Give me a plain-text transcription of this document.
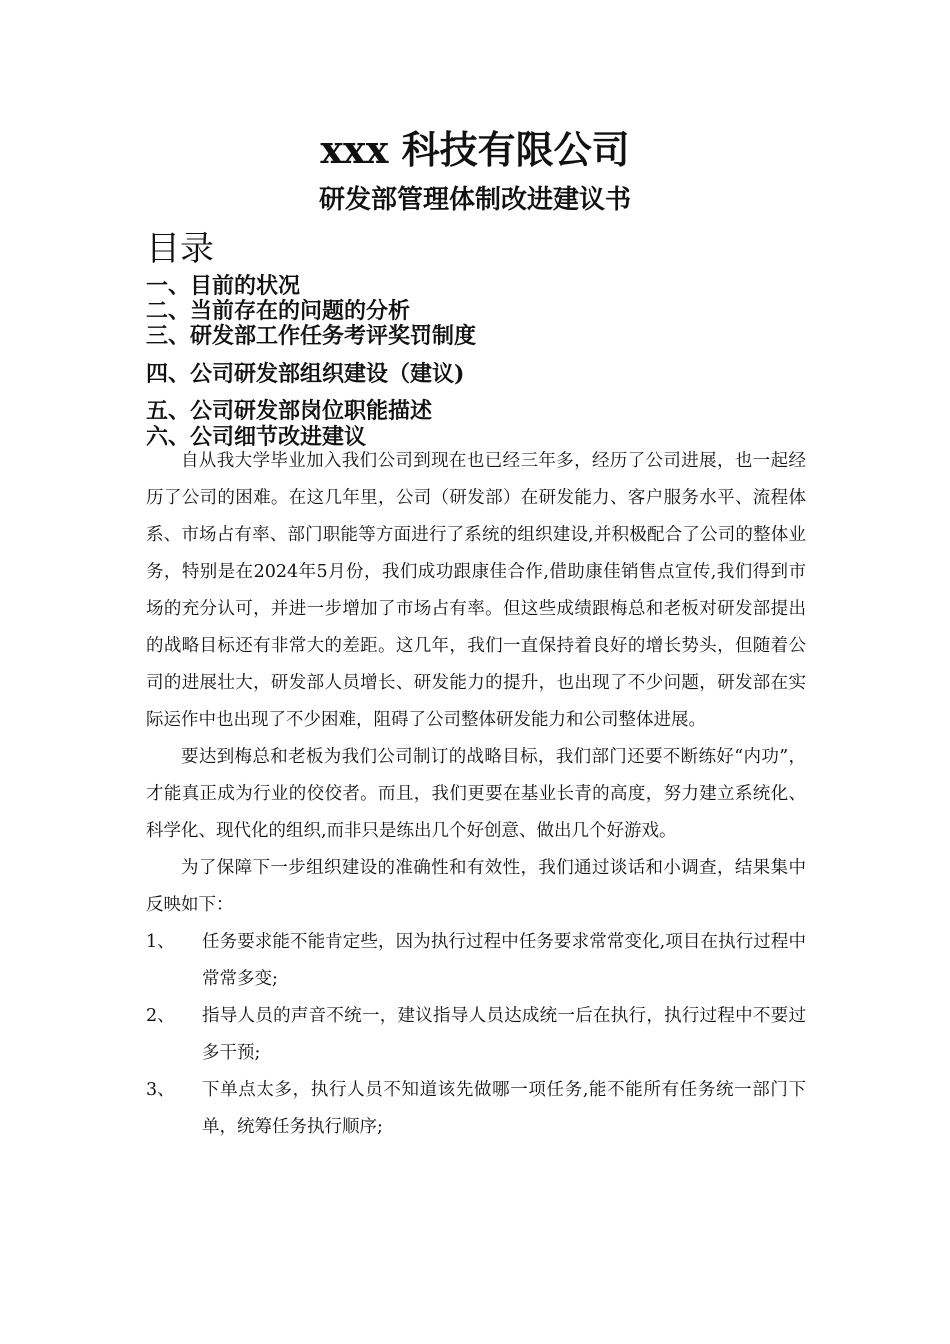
xxx 科技有限公司
研发部管理体制改进建议书
目录
一、目前的状况
二、当前存在的问题的分析
三、研发部工作任务考评奖罚制度
四、公司研发部组织建设（建议)
五、公司研发部岗位职能描述
六、公司细节改进建议

自从我大学毕业加入我们公司到现在也已经三年多，经历了公司进展，也一起经历了公司的困难。在这几年里，公司（研发部）在研发能力、客户服务水平、流程体系、市场占有率、部门职能等方面进行了系统的组织建设,并积极配合了公司的整体业务，特别是在2024年5月份，我们成功跟康佳合作,借助康佳销售点宣传,我们得到市场的充分认可，并进一步增加了市场占有率。但这些成绩跟梅总和老板对研发部提出的战略目标还有非常大的差距。这几年，我们一直保持着良好的增长势头，但随着公司的进展壮大，研发部人员增长、研发能力的提升，也出现了不少问题，研发部在实际运作中也出现了不少困难，阻碍了公司整体研发能力和公司整体进展。

要达到梅总和老板为我们公司制订的战略目标，我们部门还要不断练好“内功”，才能真正成为行业的佼佼者。而且，我们更要在基业长青的高度，努力建立系统化、科学化、现代化的组织,而非只是练出几个好创意、做出几个好游戏。

为了保障下一步组织建设的准确性和有效性，我们通过谈话和小调查，结果集中反映如下：

1、 任务要求能不能肯定些，因为执行过程中任务要求常常变化,项目在执行过程中常常多变;
2、 指导人员的声音不统一，建议指导人员达成统一后在执行，执行过程中不要过多干预;
3、 下单点太多，执行人员不知道该先做哪一项任务,能不能所有任务统一部门下单，统筹任务执行顺序;
